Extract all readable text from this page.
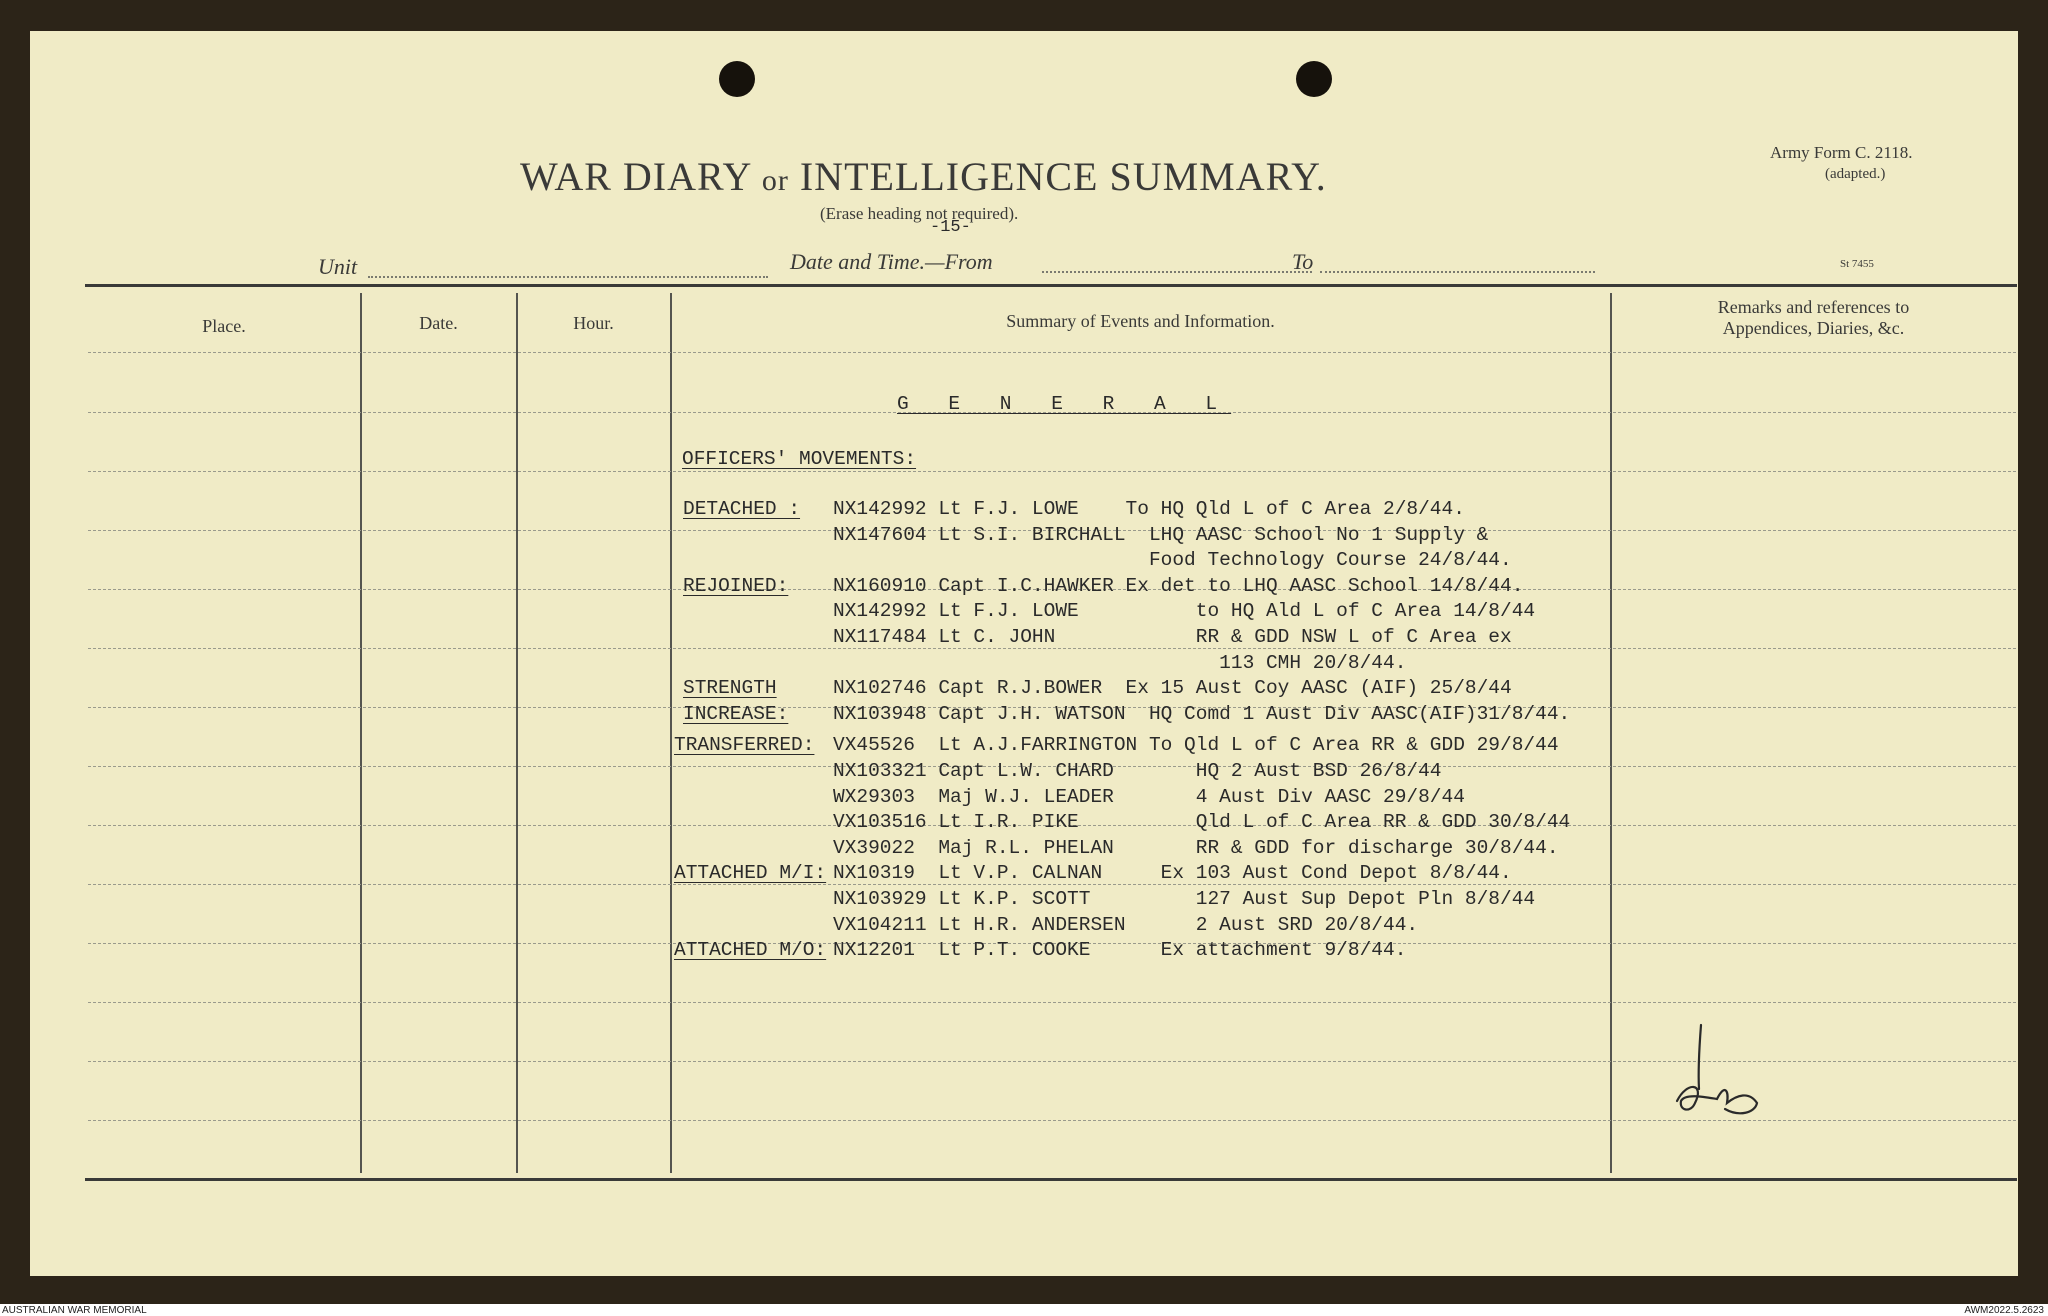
WAR DIARY or INTELLIGENCE SUMMARY.
(Erase heading not required).
-15-
Army Form C. 2118.
(adapted.)
St 7455
Unit	Date and Time.—From	To
Place.	Date.	Hour.	Summary of Events and Information.
Remarks and references to
Appendices, Diaries, &c.
G E N E R A L
OFFICERS' MOVEMENTS:
DETACHED : NX142992 Lt F.J. LOWE    To HQ Qld L of C Area 2/8/44.
NX147604 Lt S.I. BIRCHALL  LHQ AASC School No 1 Supply &
Food Technology Course 24/8/44.
REJOINED: NX160910 Capt I.C.HAWKER Ex det to LHQ AASC School 14/8/44.
NX142992 Lt F.J. LOWE          to HQ Ald L of C Area 14/8/44
NX117484 Lt C. JOHN            RR & GDD NSW L of C Area ex
113 CMH 20/8/44.
STRENGTH	NX102746 Capt R.J.BOWER  Ex 15 Aust Coy AASC (AIF) 25/8/44
INCREASE: NX103948 Capt J.H. WATSON  HQ Comd 1 Aust Div AASC(AIF)31/8/44.
TRANSFERRED: VX45526  Lt A.J.FARRINGTON To Qld L of C Area RR & GDD 29/8/44
NX103321 Capt L.W. CHARD       HQ 2 Aust BSD 26/8/44
WX29303  Maj W.J. LEADER       4 Aust Div AASC 29/8/44
VX103516 Lt I.R. PIKE          Qld L of C Area RR & GDD 30/8/44
VX39022  Maj R.L. PHELAN       RR & GDD for discharge 30/8/44.
ATTACHED M/I: NX10319  Lt V.P. CALNAN     Ex 103 Aust Cond Depot 8/8/44.
NX103929 Lt K.P. SCOTT         127 Aust Sup Depot Pln 8/8/44
VX104211 Lt H.R. ANDERSEN      2 Aust SRD 20/8/44.
ATTACHED M/O: NX12201  Lt P.T. COOKE      Ex attachment 9/8/44.
AUSTRALIAN WAR MEMORIAL	AWM2022.5.2623
